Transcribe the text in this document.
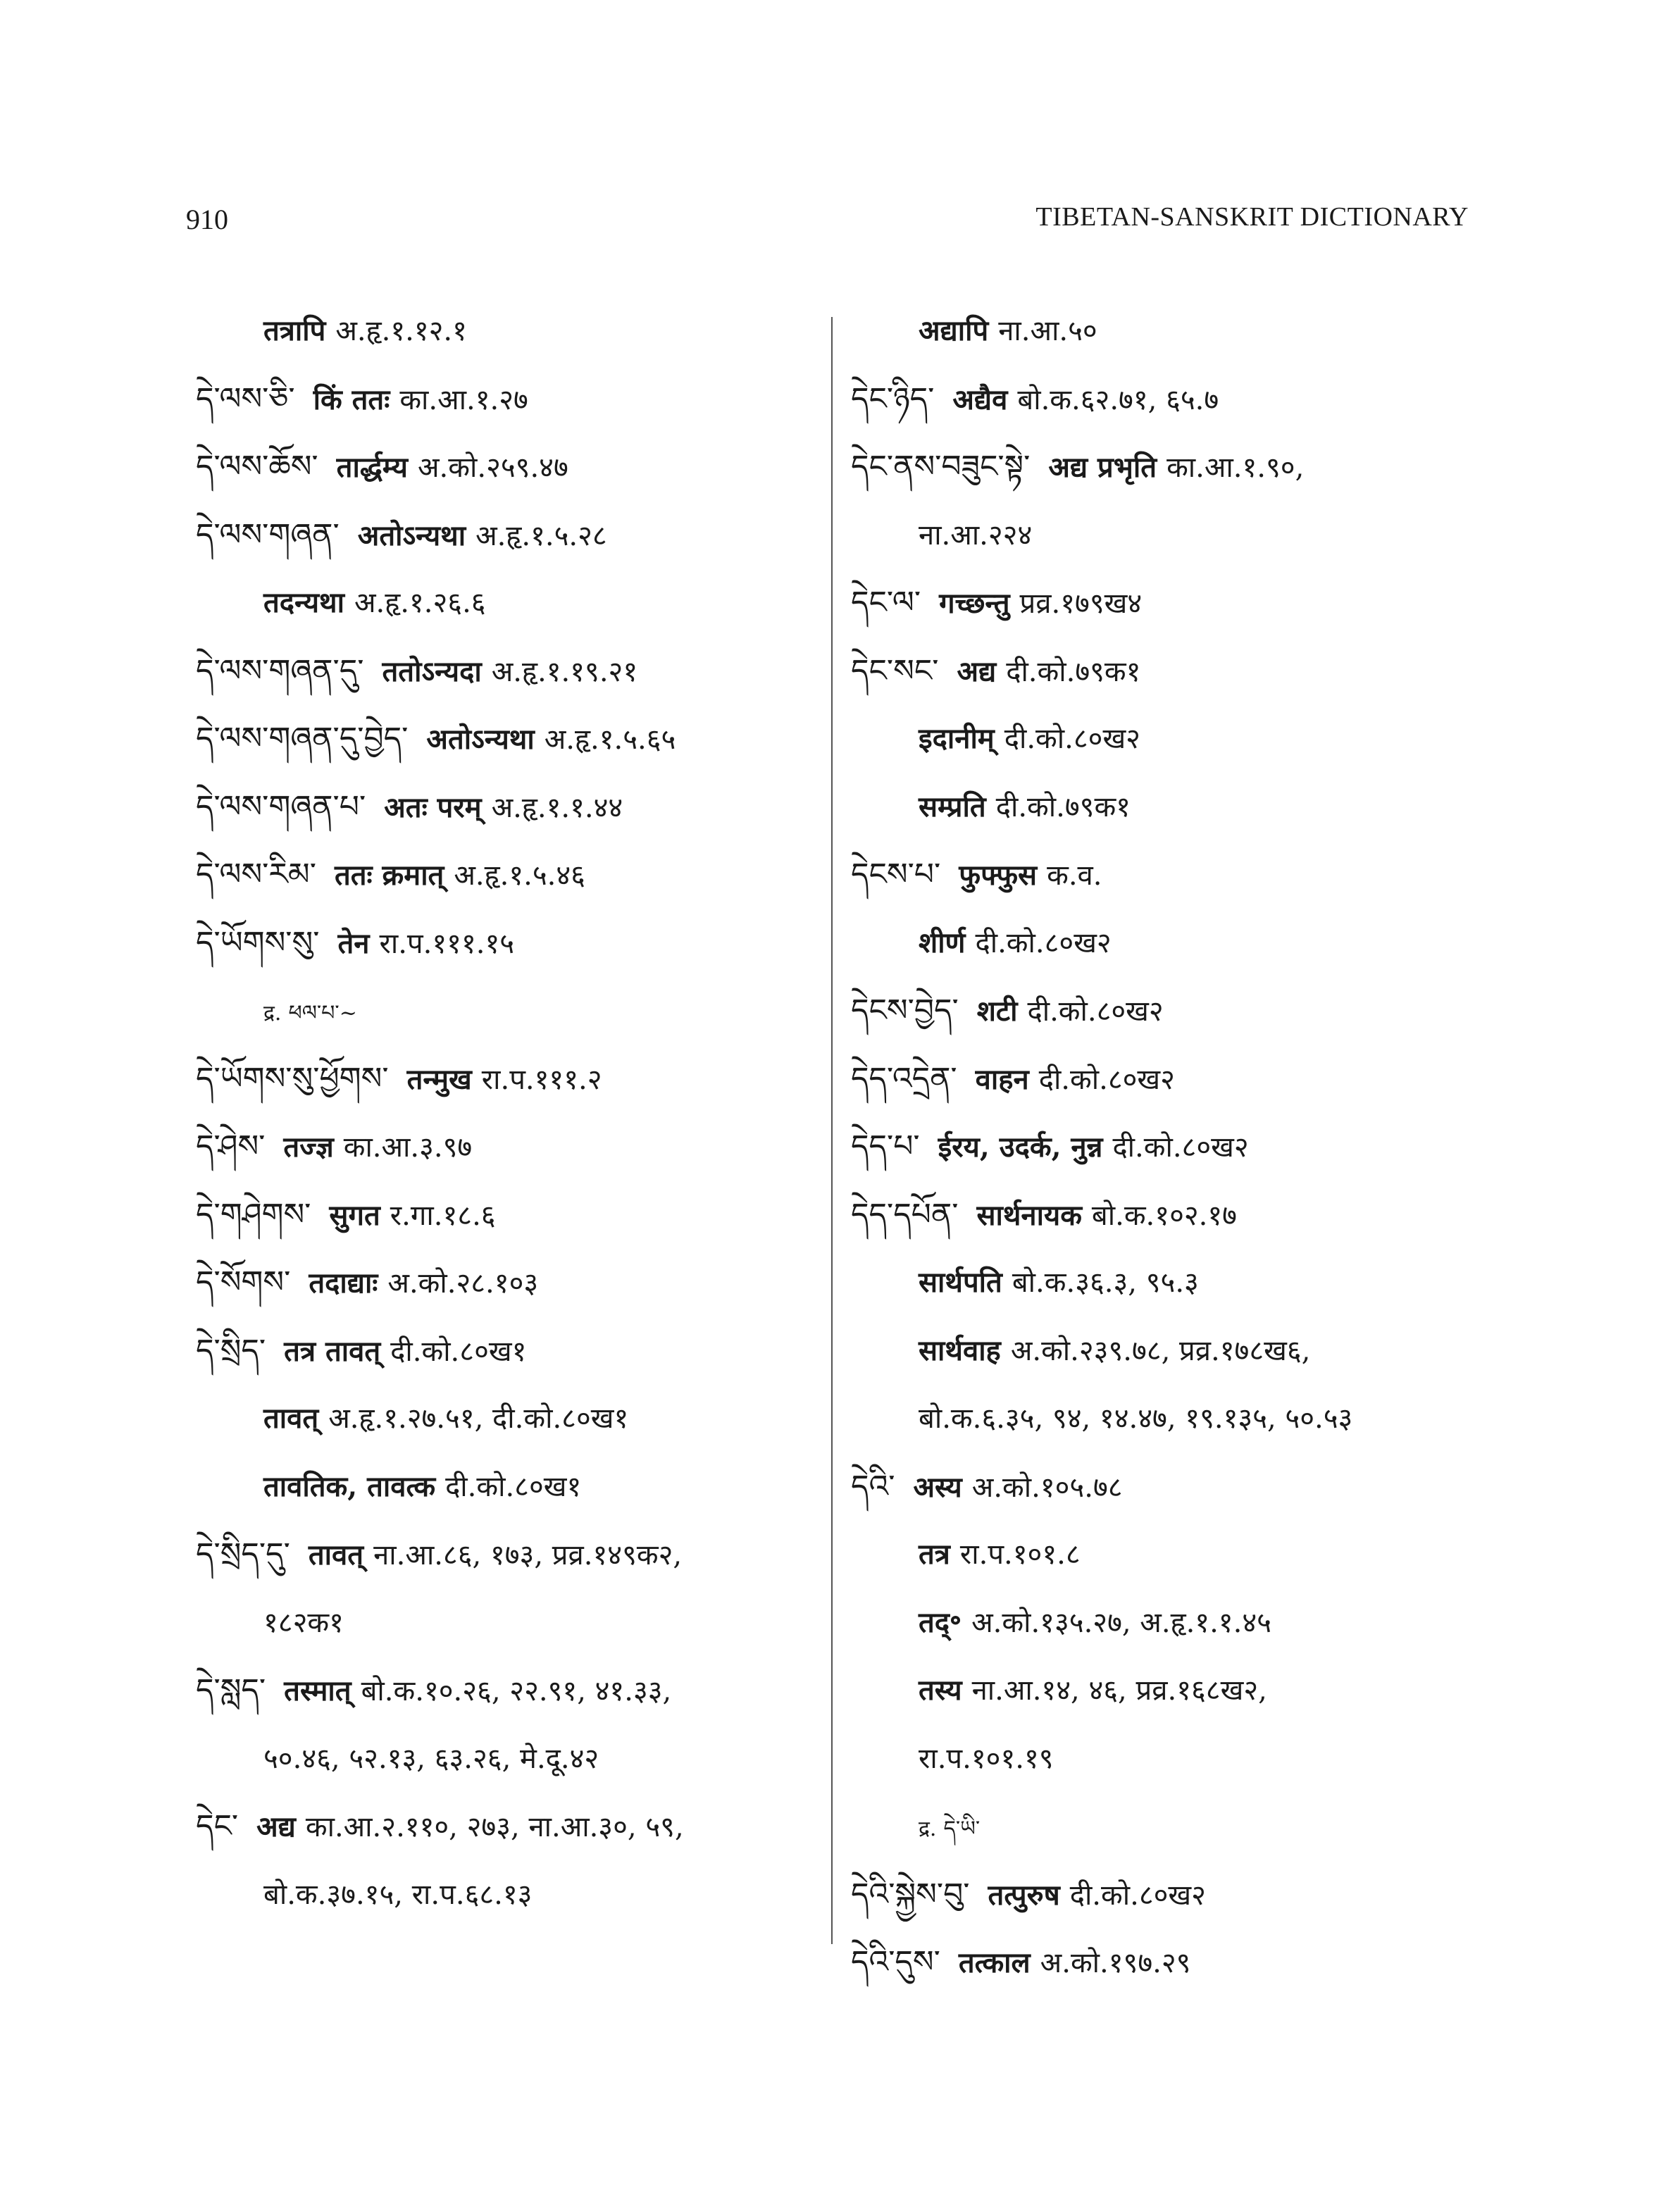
910	TIBETAN-SANSKRIT DICTIONARY
तत्रापि अ.हृ.१.१२.१
དེ་ལས་ཅི་ किं ततः का.आ.१.२७
དེ་ལས་ཆོས་ तार्द्धम्य अ.को.२५९.४७
དེ་ལས་གཞན་ अतोऽन्यथा अ.हृ.१.५.२८
तदन्यथा अ.हृ.१.२६.६
དེ་ལས་གཞན་དུ་ ततोऽन्यदा अ.हृ.१.१९.२१
དེ་ལས་གཞན་དུ་བྱེད་ अतोऽन्यथा अ.हृ.१.५.६५
དེ་ལས་གཞན་པ་ अतः परम् अ.हृ.१.१.४४
དེ་ལས་རིམ་ ततः क्रमात् अ.हृ.१.५.४६
དེ་ཡོགས་སུ་ तेन रा.प.१११.१५
द्र. ཕལ་པ་~
དེ་ཡོགས་སུ་ཕྱོགས་ तन्मुख रा.प.१११.२
དེ་ཤེས་ तज्ज्ञ का.आ.३.९७
དེ་གཤེགས་ सुगत र.गा.१८.६
དེ་སོགས་ तदाद्याः अ.को.२८.१०३
དེ་སྲིད་ तत्र तावत् दी.को.८०ख१
तावत् अ.हृ.१.२७.५१, दी.को.८०ख१
तावतिक, तावत्क दी.को.८०ख१
དེ་སྲིད་དུ་ तावत् ना.आ.८६, १७३, प्रव्र.१४९क२,
१८२क१
དེ་སླད་ तस्मात् बो.क.१०.२६, २२.९१, ४१.३३,
५०.४६, ५२.१३, ६३.२६, मे.दू.४२
དེང་ अद्य का.आ.२.११०, २७३, ना.आ.३०, ५९,
बो.क.३७.१५, रा.प.६८.१३
अद्यापि ना.आ.५०
དེང་ཉིད་ अद्यैव बो.क.६२.७१, ६५.७
དེང་ནས་བཟུང་སྟེ་ अद्य प्रभृति का.आ.१.९०,
ना.आ.२२४
དེང་ལ་ गच्छन्तु प्रव्र.१७९ख४
དེང་སང་ अद्य दी.को.७९क१
इदानीम् दी.को.८०ख२
सम्प्रति दी.को.७९क१
དེངས་པ་ फुफ्फुस क.व.
शीर्ण दी.को.८०ख२
དེངས་བྱེད་ शटी दी.को.८०ख२
དེད་འདྲེན་ वाहन दी.को.८०ख२
དེད་པ་ ईरय, उदर्क, नुन्न दी.को.८०ख२
དེད་དཔོན་ सार्थनायक बो.क.१०२.१७
सार्थपति बो.क.३६.३, ९५.३
सार्थवाह अ.को.२३९.७८, प्रव्र.१७८ख६,
बो.क.६.३५, ९४, १४.४७, १९.१३५, ५०.५३
དེའི་ अस्य अ.को.१०५.७८
तत्र रा.प.१०१.८
तद्॰ अ.को.१३५.२७, अ.हृ.१.१.४५
तस्य ना.आ.१४, ४६, प्रव्र.१६८ख२,
रा.प.१०१.१९
द्र. དེ་ཡི་
དེའི་སྐྱེས་བུ་ तत्पुरुष दी.को.८०ख२
དེའི་དུས་ तत्काल अ.को.१९७.२९
